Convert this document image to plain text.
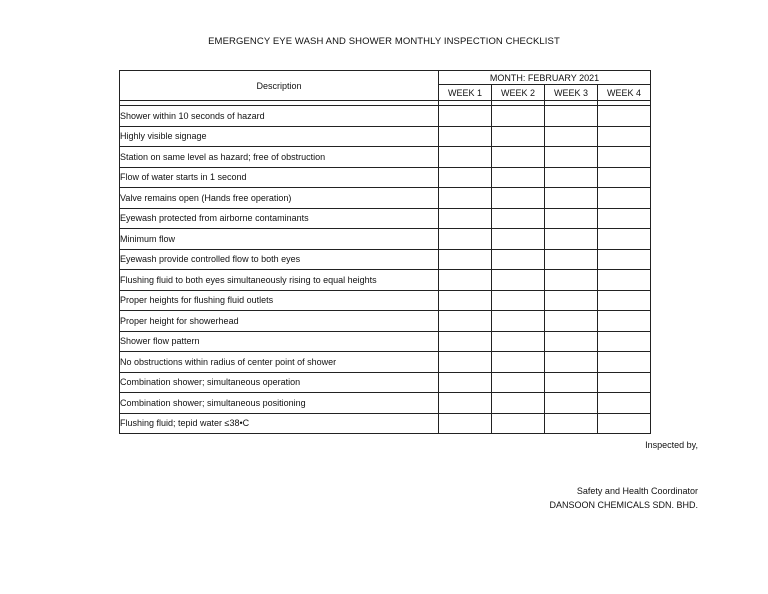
EMERGENCY EYE WASH AND SHOWER MONTHLY INSPECTION CHECKLIST
Description	MONTH: FEBRUARY 2021			
	WEEK 1	WEEK 2	WEEK 3	WEEK 4

Shower within 10 seconds of hazard				
Highly visible signage				
Station on same level as hazard; free of obstruction				
Flow of water starts in 1 second				
Valve remains open (Hands free operation)				
Eyewash protected from airborne contaminants				
Minimum flow				
Eyewash provide controlled flow to both eyes				
Flushing fluid to both eyes simultaneously rising to equal heights				
Proper heights for flushing fluid outlets				
Proper height for showerhead				
Shower flow pattern				
No obstructions within radius of center point of shower				
Combination shower; simultaneous operation				
Combination shower; simultaneous positioning				
Flushing fluid; tepid water ≤38•C				
Inspected by,
Safety and Health Coordinator
DANSOON CHEMICALS SDN. BHD.
